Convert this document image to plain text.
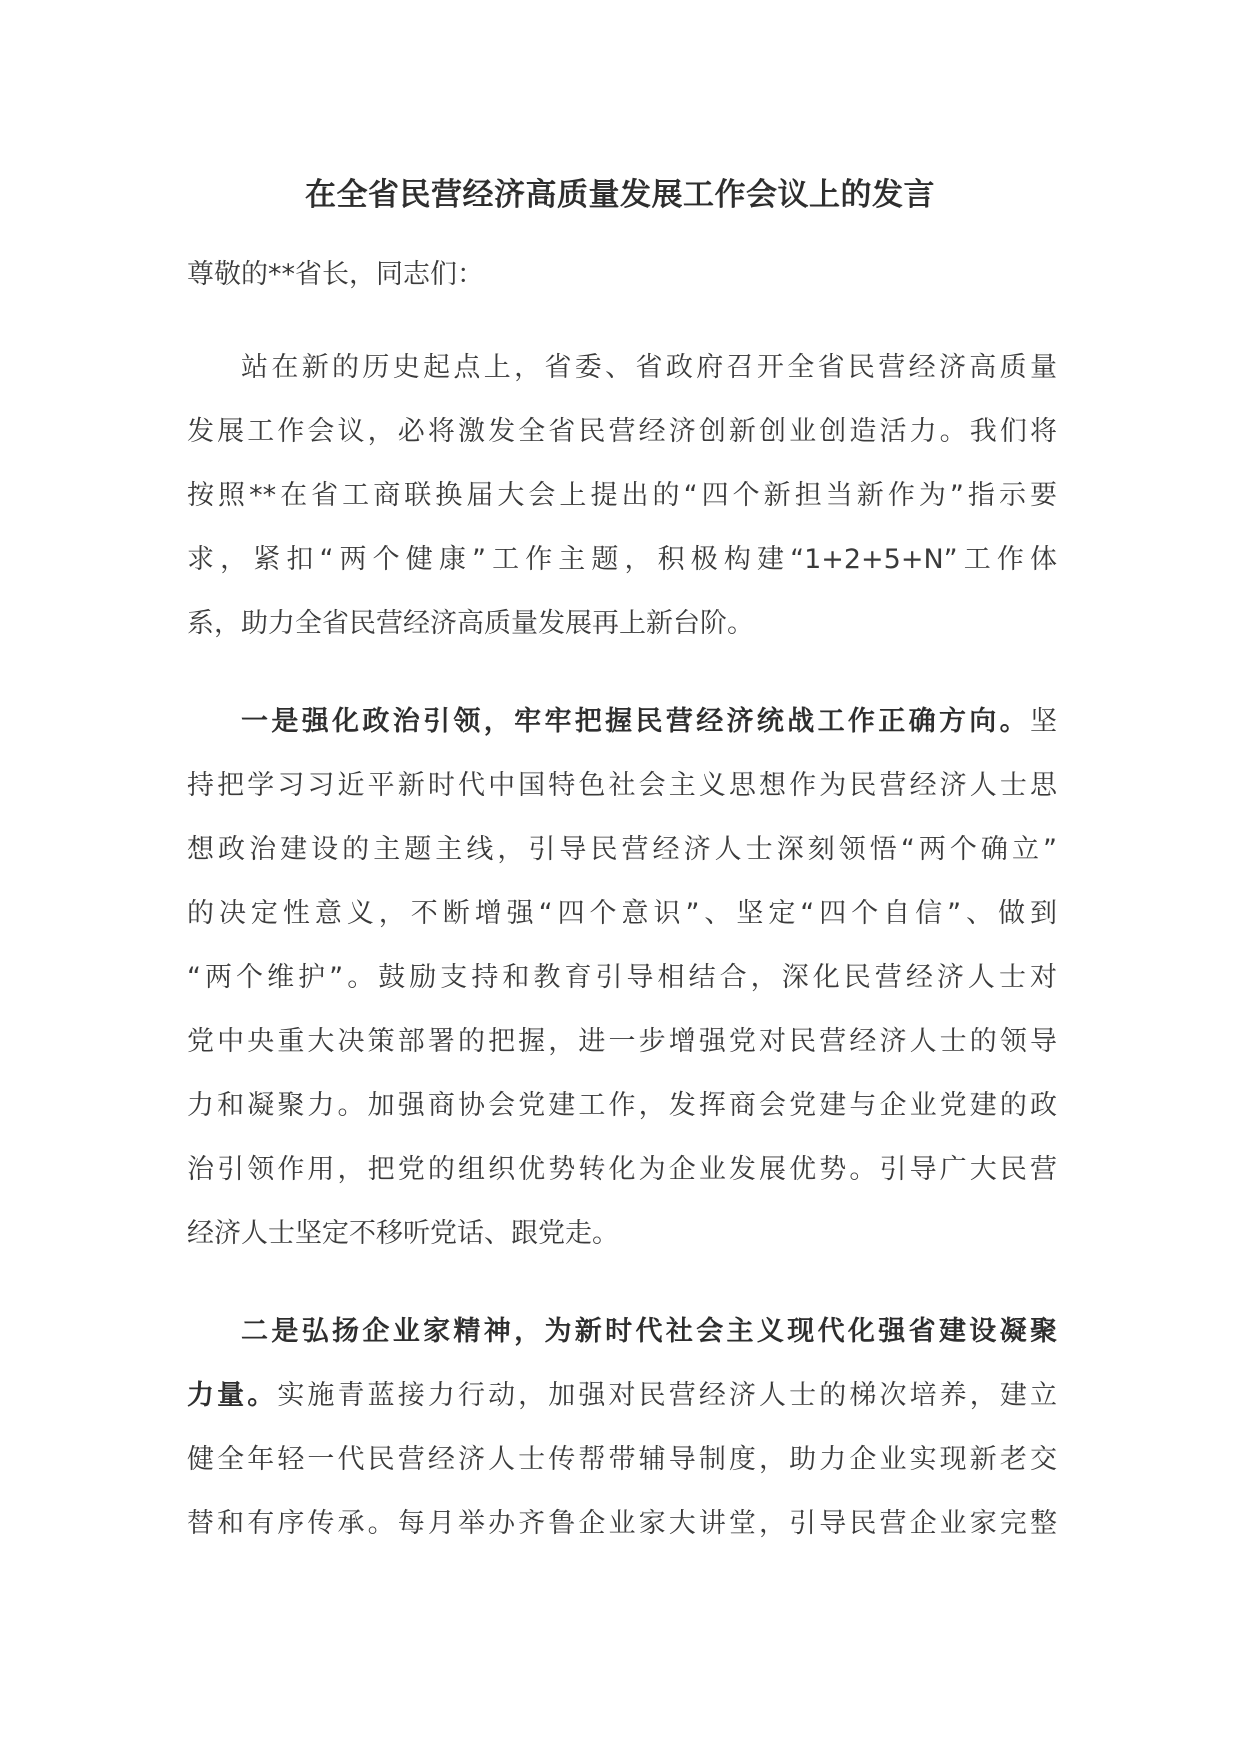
在全省民营经济高质量发展工作会议上的发言
尊敬的**省长，同志们：
站在新的历史起点上，省委、省政府召开全省民营经济高质量
发展工作会议，必将激发全省民营经济创新创业创造活力。我们将
按照**在省工商联换届大会上提出的“四个新担当新作为”指示要
求，紧扣“两个健康”工作主题，积极构建“1+2+5+N”工作体
系，助力全省民营经济高质量发展再上新台阶。
一是强化政治引领，牢牢把握民营经济统战工作正确方向。坚
持把学习习近平新时代中国特色社会主义思想作为民营经济人士思
想政治建设的主题主线，引导民营经济人士深刻领悟“两个确立”
的决定性意义，不断增强“四个意识”、坚定“四个自信”、做到
“两个维护”。鼓励支持和教育引导相结合，深化民营经济人士对
党中央重大决策部署的把握，进一步增强党对民营经济人士的领导
力和凝聚力。加强商协会党建工作，发挥商会党建与企业党建的政
治引领作用，把党的组织优势转化为企业发展优势。引导广大民营
经济人士坚定不移听党话、跟党走。
二是弘扬企业家精神，为新时代社会主义现代化强省建设凝聚
力量。实施青蓝接力行动，加强对民营经济人士的梯次培养，建立
健全年轻一代民营经济人士传帮带辅导制度，助力企业实现新老交
替和有序传承。每月举办齐鲁企业家大讲堂，引导民营企业家完整
